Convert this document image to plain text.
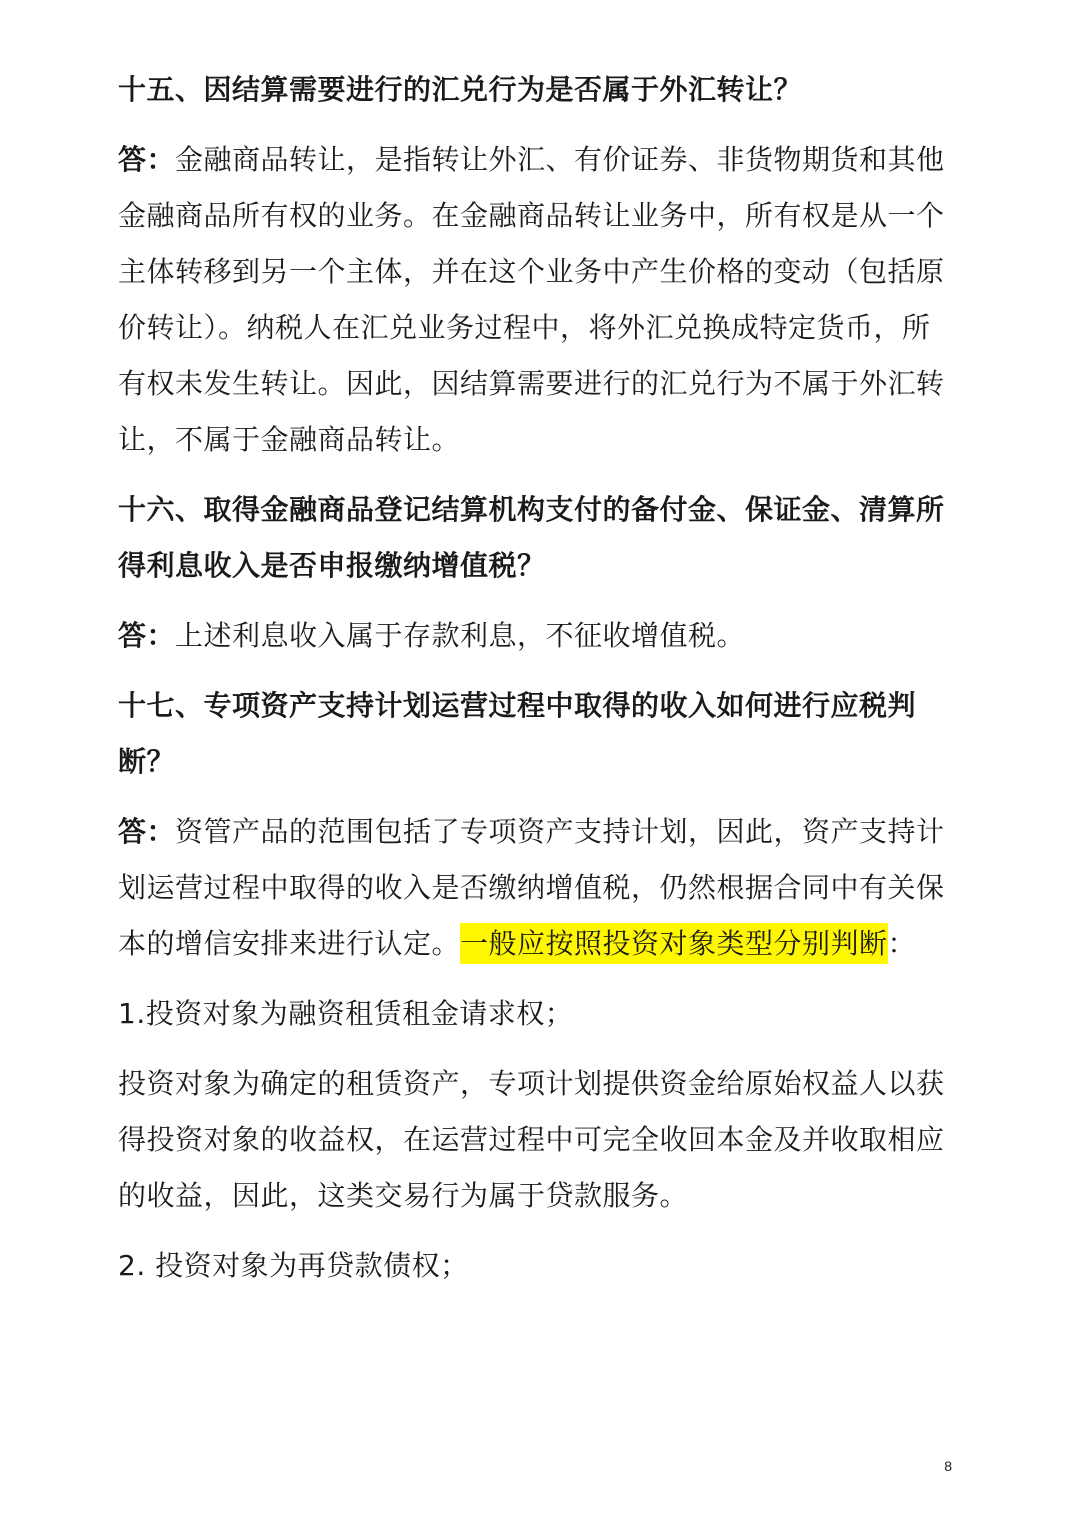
十五、因结算需要进行的汇兑行为是否属于外汇转让？

答：金融商品转让，是指转让外汇、有价证券、非货物期货和其他金融商品所有权的业务。在金融商品转让业务中，所有权是从一个主体转移到另一个主体，并在这个业务中产生价格的变动（包括原价转让）。纳税人在汇兑业务过程中，将外汇兑换成特定货币，所有权未发生转让。因此，因结算需要进行的汇兑行为不属于外汇转让，不属于金融商品转让。

十六、取得金融商品登记结算机构支付的备付金、保证金、清算所得利息收入是否申报缴纳增值税？

答：上述利息收入属于存款利息，不征收增值税。

十七、专项资产支持计划运营过程中取得的收入如何进行应税判断？

答：资管产品的范围包括了专项资产支持计划，因此，资产支持计划运营过程中取得的收入是否缴纳增值税，仍然根据合同中有关保本的增信安排来进行认定。一般应按照投资对象类型分别判断：

1.投资对象为融资租赁租金请求权；

投资对象为确定的租赁资产，专项计划提供资金给原始权益人以获得投资对象的收益权，在运营过程中可完全收回本金及并收取相应的收益，因此，这类交易行为属于贷款服务。

2. 投资对象为再贷款债权；

8
